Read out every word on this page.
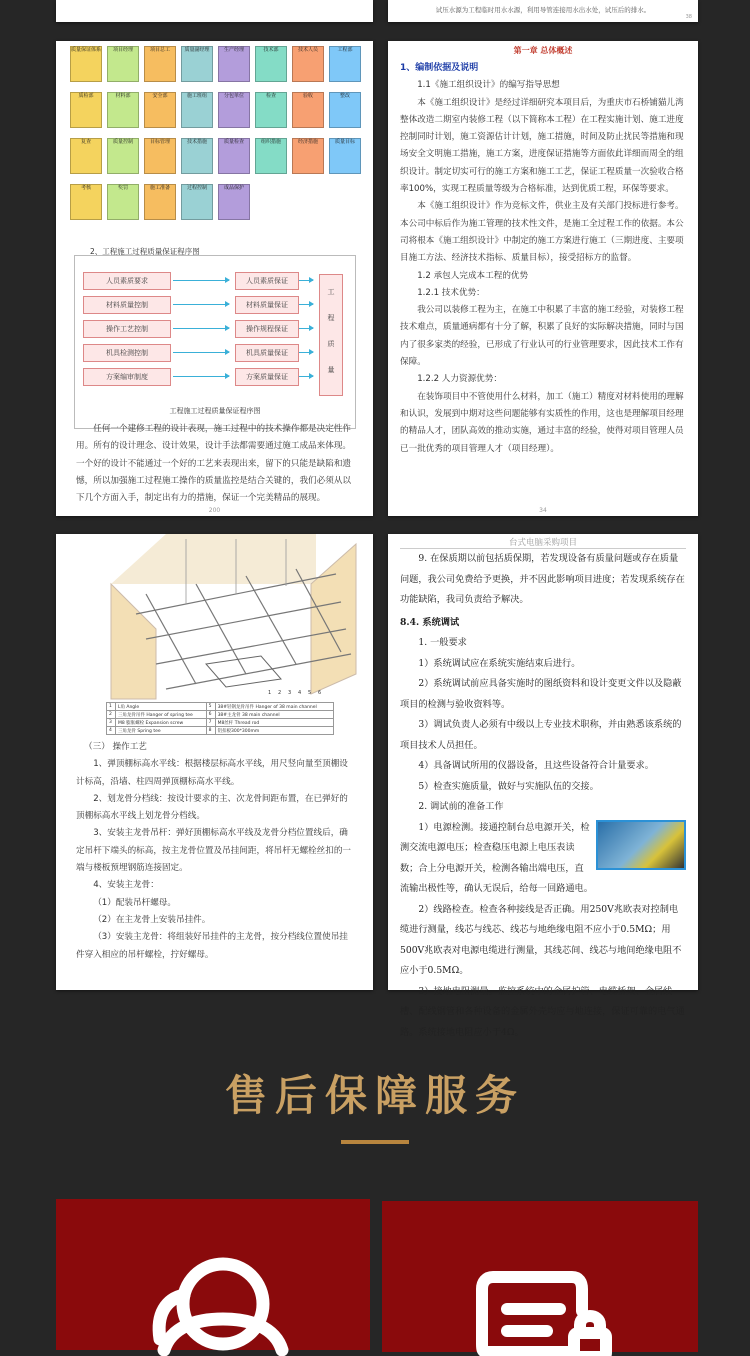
试压水源为工程临时用水水源，利用导管连接用水出水处，试压后的排水。
38
质量保证体系	项目经理	项目总工	质量副经理	生产经理	技术部	技术人员	工程部
质检部	材料部	安全部	施工班组	分包单位	检查	验收	整改
复查	质量控制	目标管理	技术措施	质量检查	组织措施	经济措施	质量目标
考核	奖罚	施工准备	过程控制	成品保护
2、工程施工过程质量保证程序图
人员素质要求	人员素质保证
材料质量控制	材料质量保证
操作工艺控制	操作规程保证
机具检测控制	机具质量保证
方案编审制度	方案质量保证
工
程
质
量
工程施工过程质量保证程序图

任何一个建修工程的设计表现，施工过程中的技术操作都是决定性作用。所有的设计理念、设计效果，设计手法都需要通过施工成品来体现。一个好的设计不能通过一个好的工艺来表现出来，留下的只能是缺陷和遗憾，所以加强施工过程施工操作的质量监控是结合关键的，我们必须从以下几个方面入手，制定出有力的措施，保证一个完美精品的展现。

200
第一章 总体概述
1、编制依据及说明

1.1《施工组织设计》的编写指导思想

本《施工组织设计》是经过详细研究本项目后，为重庆市石桥铺猫儿湾整体改造二期室内装修工程（以下简称本工程）在工程实施计划、施工进度控制同时计划，施工资源估计计划，施工措施，时间及防止扰民等措施和现场安全文明施工措施，施工方案，进度保证措施等方面依此详细而周全的组织设计。制定切实可行的施工方案和施工工艺，保证工程质量一次验收合格率100%，实现工程质量等级为合格标准，达到优质工程，环保等要求。

本《施工组织设计》作为竞标文件，供业主及有关部门投标进行参考。本公司中标后作为施工管理的技术性文件，是施工全过程工作的依据。本公司将根本《施工组织设计》中制定的施工方案进行施工（三期进度、主要项目施工方法、经济技术指标、质量目标），接受招标方的监督。

1.2 承包人完成本工程的优势

1.2.1 技术优势：

我公司以装修工程为主，在施工中积累了丰富的施工经验，对装修工程技术难点，质量通病都有十分了解，积累了良好的实际解决措施，同时与国内了很多家类的经验，已形成了行业认可的行业管理要求，因此技术工作有保障。

1.2.2 人力资源优势：

在装饰项目中不管使用什么材料，加工（施工）精度对材料使用的理解和认识，发展到中期对这些问题能够有实质性的作用，这也是理解项目经理的精品人才，团队高效的推动实施，通过丰富的经验，使得对项目管理人员已一批优秀的项目管理人才（项目经理）。

34
1 2 3 4 5 6
1	L角 Angle	5	38#轻钢龙骨吊件 Hanger of 38 main channel
2	三角龙骨吊件 Hanger of spring tee	6	38#主龙骨 38 main channel
3	M8 膨胀螺栓 Expansion screw	7	M8丝杆 Thread rod
4	三角龙骨 Spring tee	8	铝扣板300*300mm
（三） 操作工艺

1、弹顶棚标高水平线：根据楼层标高水平线，用尺竖向量至顶棚设计标高，沿墙、柱四周弹顶棚标高水平线。

2、划龙骨分档线：按设计要求的主、次龙骨间距布置，在已弹好的顶棚标高水平线上划龙骨分档线。

3、安装主龙骨吊杆：弹好顶棚标高水平线及龙骨分档位置线后，确定吊杆下端头的标高，按主龙骨位置及吊挂间距，将吊杆无螺栓丝扣的一端与楼板预埋钢筋连接固定。

4、安装主龙骨：

（1）配装吊杆螺母。

（2）在主龙骨上安装吊挂件。

（3）安装主龙骨：将组装好吊挂件的主龙骨，按分档线位置使吊挂件穿入相应的吊杆螺栓，拧好螺母。

台式电脑采购项目

9. 在保质期以前包括质保期，若发现设备有质量问题或存在质量问题，我公司免费给予更换，并不因此影响项目进度；若发现系统存在功能缺陷，我司负责给予解决。

8.4. 系统调试

1. 一般要求

1）系统调试应在系统实施结束后进行。

2）系统调试前应具备实施时的图纸资料和设计变更文件以及隐蔽项目的检测与验收资料等。

3）调试负责人必须有中级以上专业技术职称，并由熟悉该系统的项目技术人员担任。

4）具备调试所用的仪器设备，且这些设备符合计量要求。

5）检查实施质量，做好与实施队伍的交接。

2. 调试前的准备工作

1）电源检测。接通控制台总电源开关，检测交流电源电压；检查稳压电源上电压表读数；合上分电源开关，检测各输出端电压，直流输出极性等，确认无误后，给每一回路通电。

2）线路检查。检查各种接线是否正确。用250V兆欧表对控制电缆进行测量，线芯与线芯、线芯与地绝缘电阻不应小于0.5MΩ；用500V兆欧表对电源电缆进行测量，其线芯间、线芯与地间绝缘电阻不应小于0.5MΩ。

3）接地电阻测量。监控系统中的金属护管、电缆桥架、金属线槽、配线钢管和各种设备的金属外壳均应与地连接，保证可靠的电气通路。系统接地电阻应小于4Ω。

售后保障服务
